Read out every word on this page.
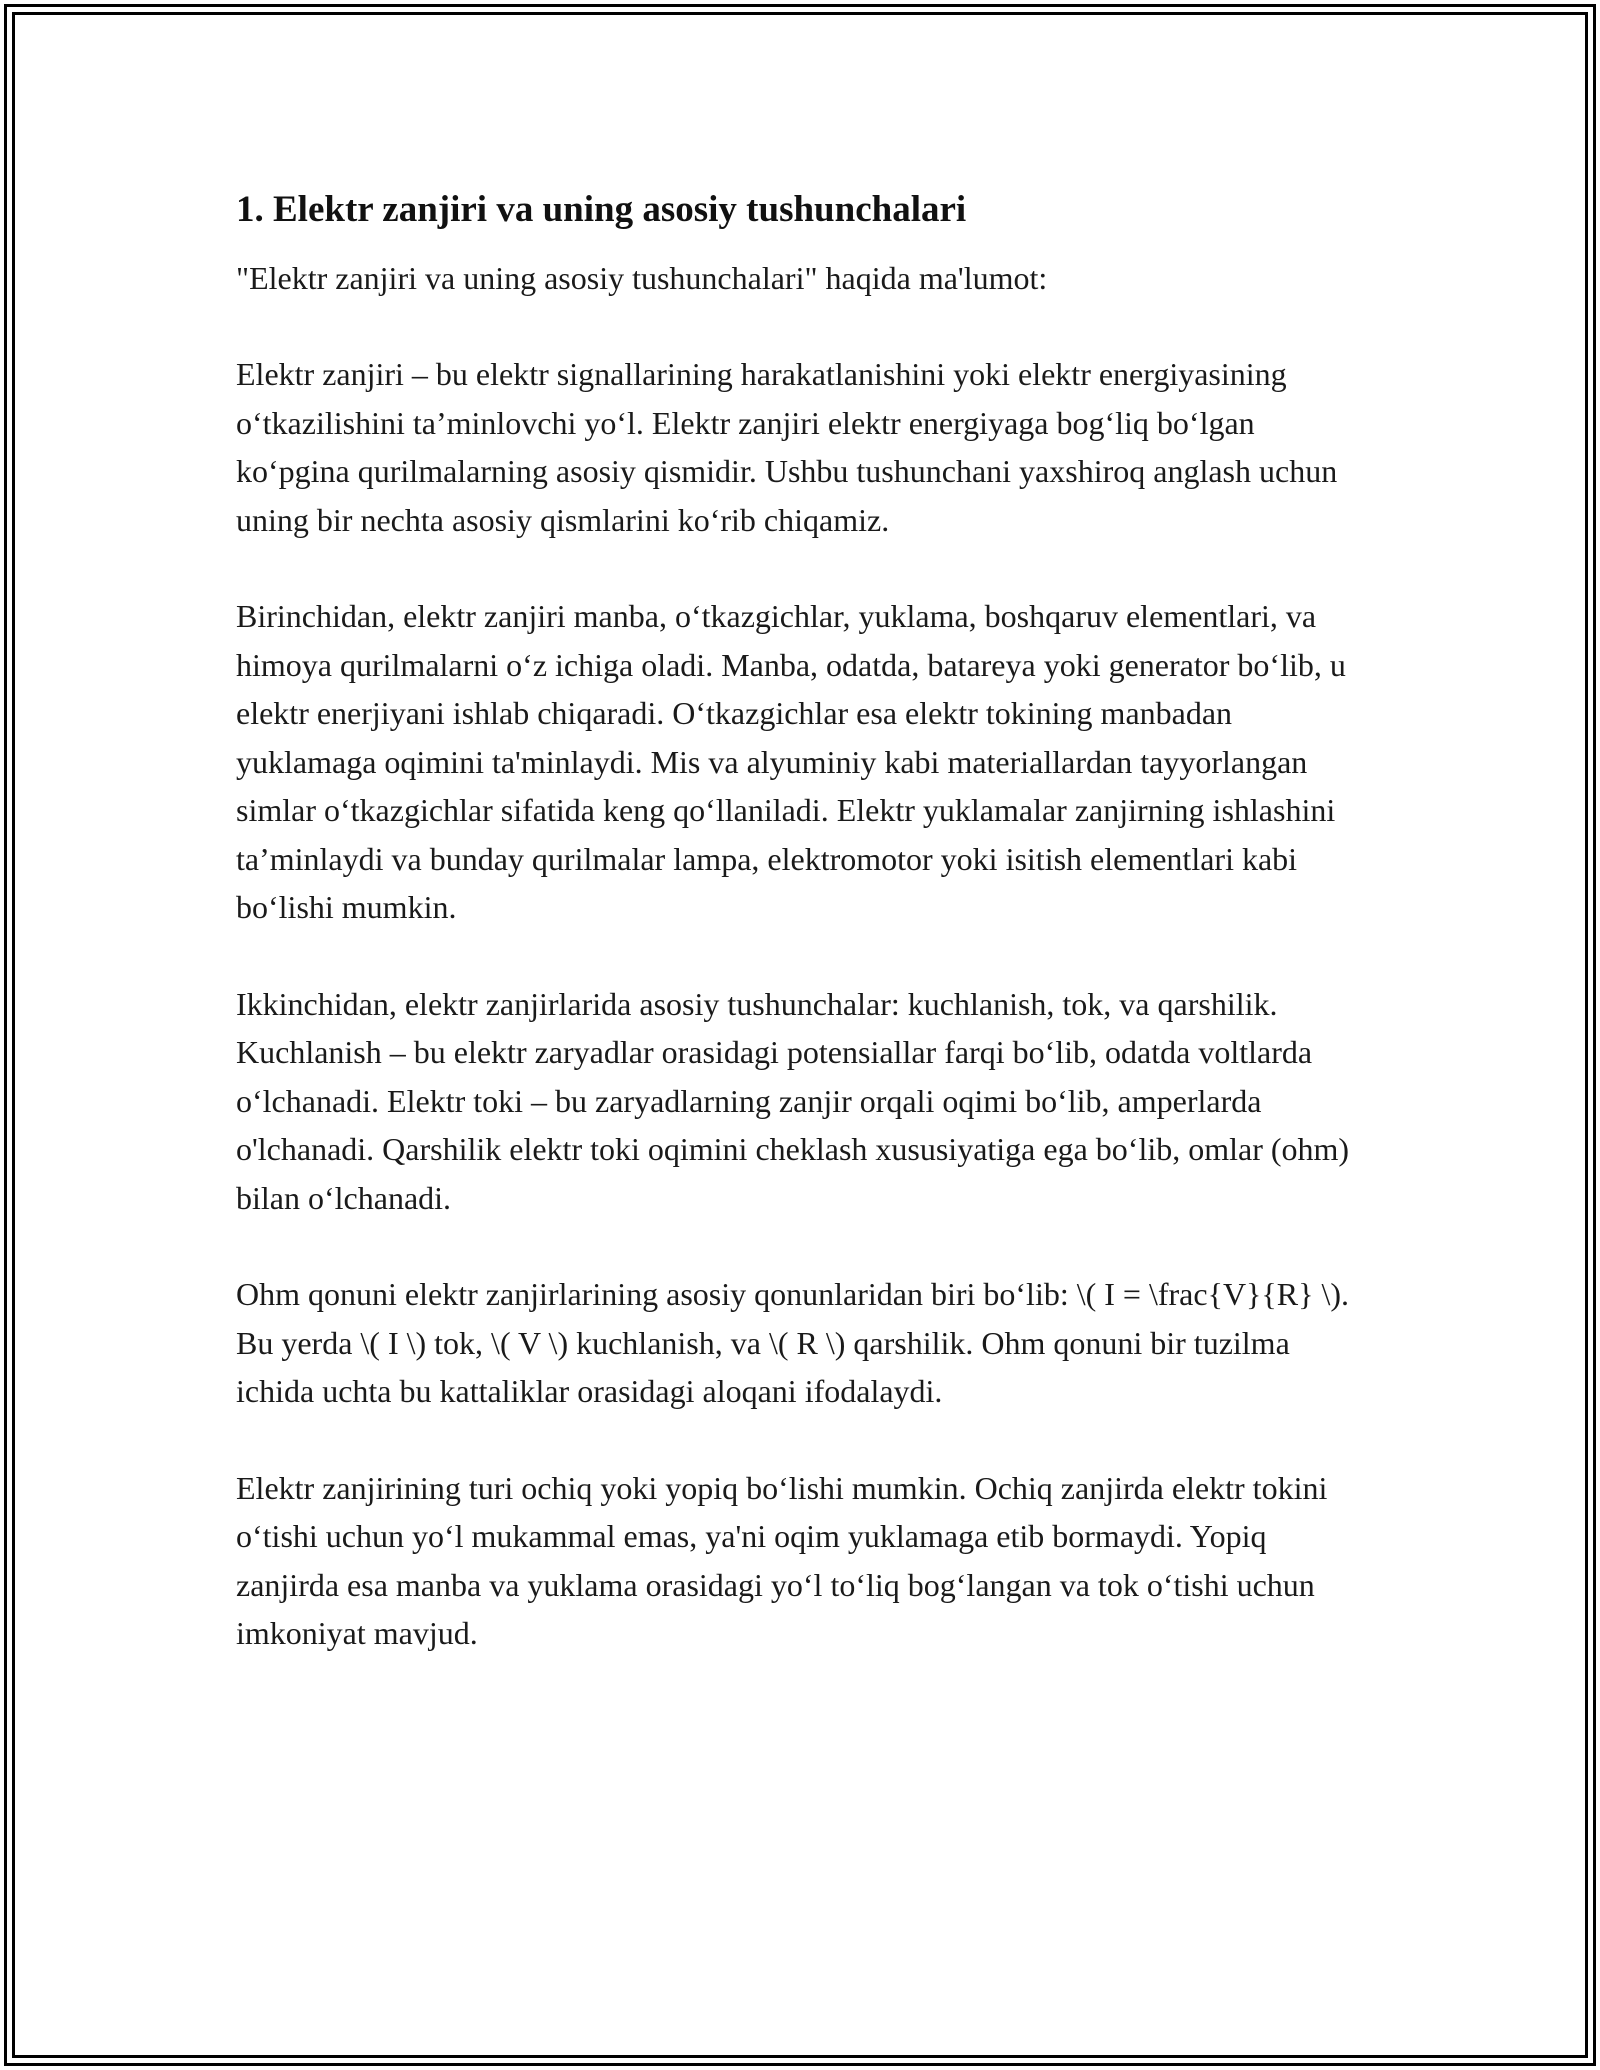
1. Elektr zanjiri va uning asosiy tushunchalari

"Elektr zanjiri va uning asosiy tushunchalari" haqida ma'lumot:

Elektr zanjiri – bu elektr signallarining harakatlanishini yoki elektr energiyasining o‘tkazilishini ta’minlovchi yo‘l. Elektr zanjiri elektr energiyaga bog‘liq bo‘lgan ko‘pgina qurilmalarning asosiy qismidir. Ushbu tushunchani yaxshiroq anglash uchun uning bir nechta asosiy qismlarini ko‘rib chiqamiz.

Birinchidan, elektr zanjiri manba, o‘tkazgichlar, yuklama, boshqaruv elementlari, va himoya qurilmalarni o‘z ichiga oladi. Manba, odatda, batareya yoki generator bo‘lib, u elektr enerjiyani ishlab chiqaradi. O‘tkazgichlar esa elektr tokining manbadan yuklamaga oqimini ta'minlaydi. Mis va alyuminiy kabi materiallardan tayyorlangan simlar o‘tkazgichlar sifatida keng qo‘llaniladi. Elektr yuklamalar zanjirning ishlashini ta’minlaydi va bunday qurilmalar lampa, elektromotor yoki isitish elementlari kabi bo‘lishi mumkin.

Ikkinchidan, elektr zanjirlarida asosiy tushunchalar: kuchlanish, tok, va qarshilik. Kuchlanish – bu elektr zaryadlar orasidagi potensiallar farqi bo‘lib, odatda voltlarda o‘lchanadi. Elektr toki – bu zaryadlarning zanjir orqali oqimi bo‘lib, amperlarda o'lchanadi. Qarshilik elektr toki oqimini cheklash xususiyatiga ega bo‘lib, omlar (ohm) bilan o‘lchanadi.

Ohm qonuni elektr zanjirlarining asosiy qonunlaridan biri bo‘lib: \( I = \frac{V}{R} \). Bu yerda \( I \) tok, \( V \) kuchlanish, va \( R \) qarshilik. Ohm qonuni bir tuzilma ichida uchta bu kattaliklar orasidagi aloqani ifodalaydi.

Elektr zanjirining turi ochiq yoki yopiq bo‘lishi mumkin. Ochiq zanjirda elektr tokini o‘tishi uchun yo‘l mukammal emas, ya'ni oqim yuklamaga etib bormaydi. Yopiq zanjirda esa manba va yuklama orasidagi yo‘l to‘liq bog‘langan va tok o‘tishi uchun imkoniyat mavjud.
